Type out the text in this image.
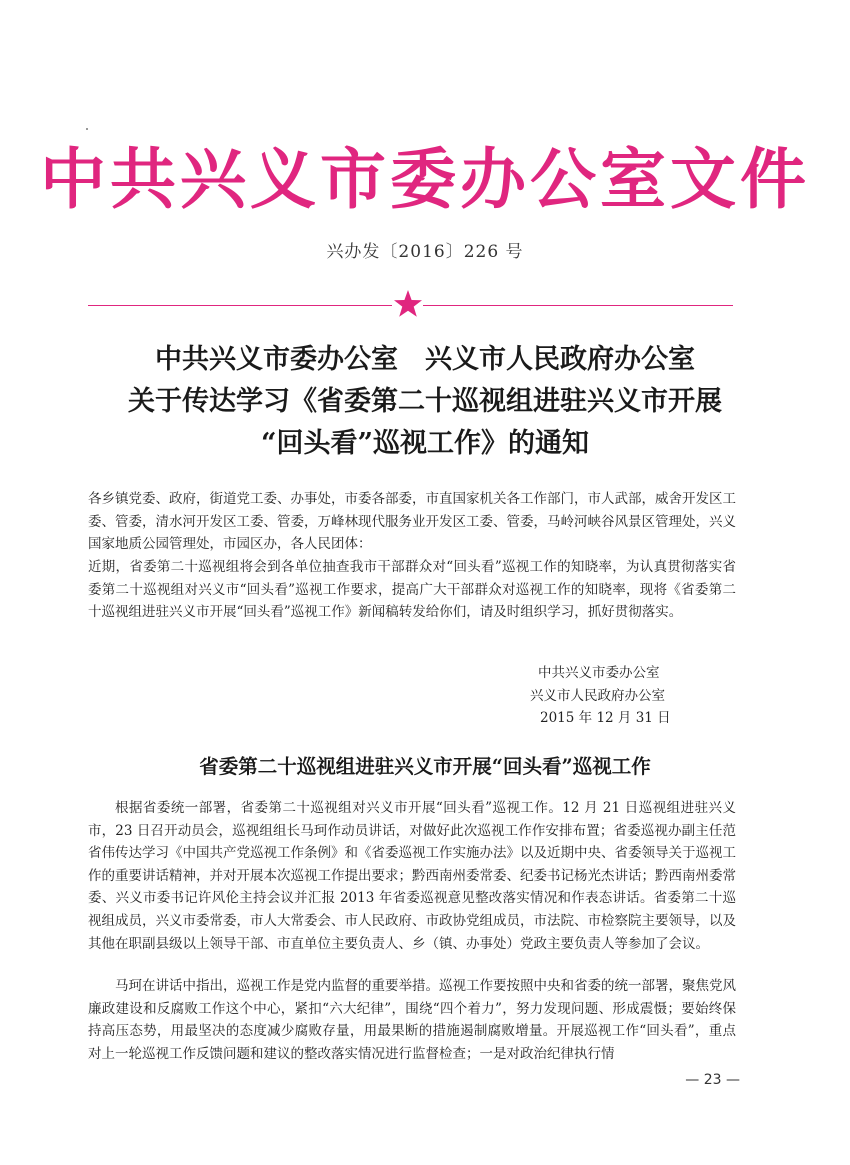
中共兴义市委办公室文件
兴办发〔2016〕226 号
中共兴义市委办公室　兴义市人民政府办公室
关于传达学习《省委第二十巡视组进驻兴义市开展
“回头看”巡视工作》的通知
各乡镇党委、政府，街道党工委、办事处，市委各部委，市直国家机关各工作部门，市人武部，威舍开发区工委、管委，清水河开发区工委、管委，万峰林现代服务业开发区工委、管委，马岭河峡谷风景区管理处，兴义国家地质公园管理处，市园区办，各人民团体：
近期，省委第二十巡视组将会到各单位抽查我市干部群众对“回头看”巡视工作的知晓率，为认真贯彻落实省委第二十巡视组对兴义市“回头看”巡视工作要求，提高广大干部群众对巡视工作的知晓率，现将《省委第二十巡视组进驻兴义市开展“回头看”巡视工作》新闻稿转发给你们，请及时组织学习，抓好贯彻落实。
中共兴义市委办公室
兴义市人民政府办公室
2015 年 12 月 31 日
省委第二十巡视组进驻兴义市开展“回头看”巡视工作
根据省委统一部署，省委第二十巡视组对兴义市开展“回头看”巡视工作。12 月 21 日巡视组进驻兴义市，23 日召开动员会，巡视组组长马珂作动员讲话，对做好此次巡视工作作安排布置；省委巡视办副主任范省伟传达学习《中国共产党巡视工作条例》和《省委巡视工作实施办法》以及近期中央、省委领导关于巡视工作的重要讲话精神，并对开展本次巡视工作提出要求；黔西南州委常委、纪委书记杨光杰讲话；黔西南州委常委、兴义市委书记许风伦主持会议并汇报 2013 年省委巡视意见整改落实情况和作表态讲话。省委第二十巡视组成员，兴义市委常委，市人大常委会、市人民政府、市政协党组成员，市法院、市检察院主要领导，以及其他在职副县级以上领导干部、市直单位主要负责人、乡（镇、办事处）党政主要负责人等参加了会议。
马珂在讲话中指出，巡视工作是党内监督的重要举措。巡视工作要按照中央和省委的统一部署，聚焦党风廉政建设和反腐败工作这个中心，紧扣“六大纪律”，围绕“四个着力”，努力发现问题、形成震慑；要始终保持高压态势，用最坚决的态度减少腐败存量，用最果断的措施遏制腐败增量。开展巡视工作“回头看”，重点对上一轮巡视工作反馈问题和建议的整改落实情况进行监督检查；一是对政治纪律执行情
— 23 —
